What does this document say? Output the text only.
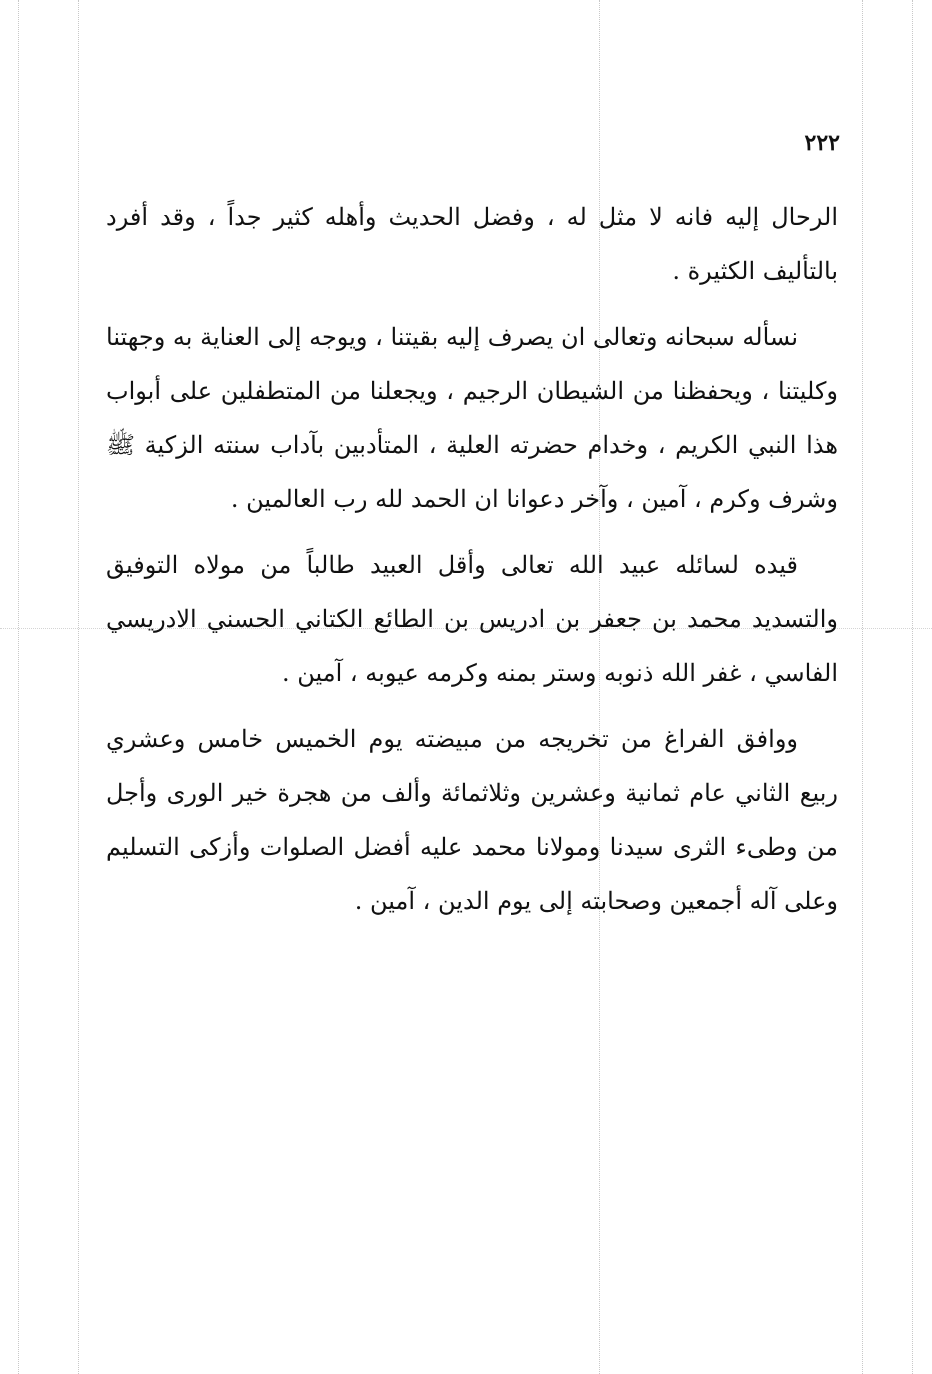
٢٢٢

الرحال إليه فانه لا مثل له ، وفضل الحديث وأهله كثير جداً ، وقد أفرد بالتأليف الكثيرة .

نسأله سبحانه وتعالى ان يصرف إليه بقيتنا ، ويوجه إلى العناية به وجهتنا وكليتنا ، ويحفظنا من الشيطان الرجيم ، ويجعلنا من المتطفلين على أبواب هذا النبي الكريم ، وخدام حضرته العلية ، المتأدبين بآداب سنته الزكية ﷺ وشرف وكرم ، آمين ، وآخر دعوانا ان الحمد لله رب العالمين .

قيده لسائله عبيد الله تعالى وأقل العبيد طالباً من مولاه التوفيق والتسديد محمد بن جعفر بن ادريس بن الطائع الكتاني الحسني الادريسي الفاسي ، غفر الله ذنوبه وستر بمنه وكرمه عيوبه ، آمين .

ووافق الفراغ من تخريجه من مبيضته يوم الخميس خامس وعشري ربيع الثاني عام ثمانية وعشرين وثلاثمائة وألف من هجرة خير الورى وأجل من وطىء الثرى سيدنا ومولانا محمد عليه أفضل الصلوات وأزكى التسليم وعلى آله أجمعين وصحابته إلى يوم الدين ، آمين .
